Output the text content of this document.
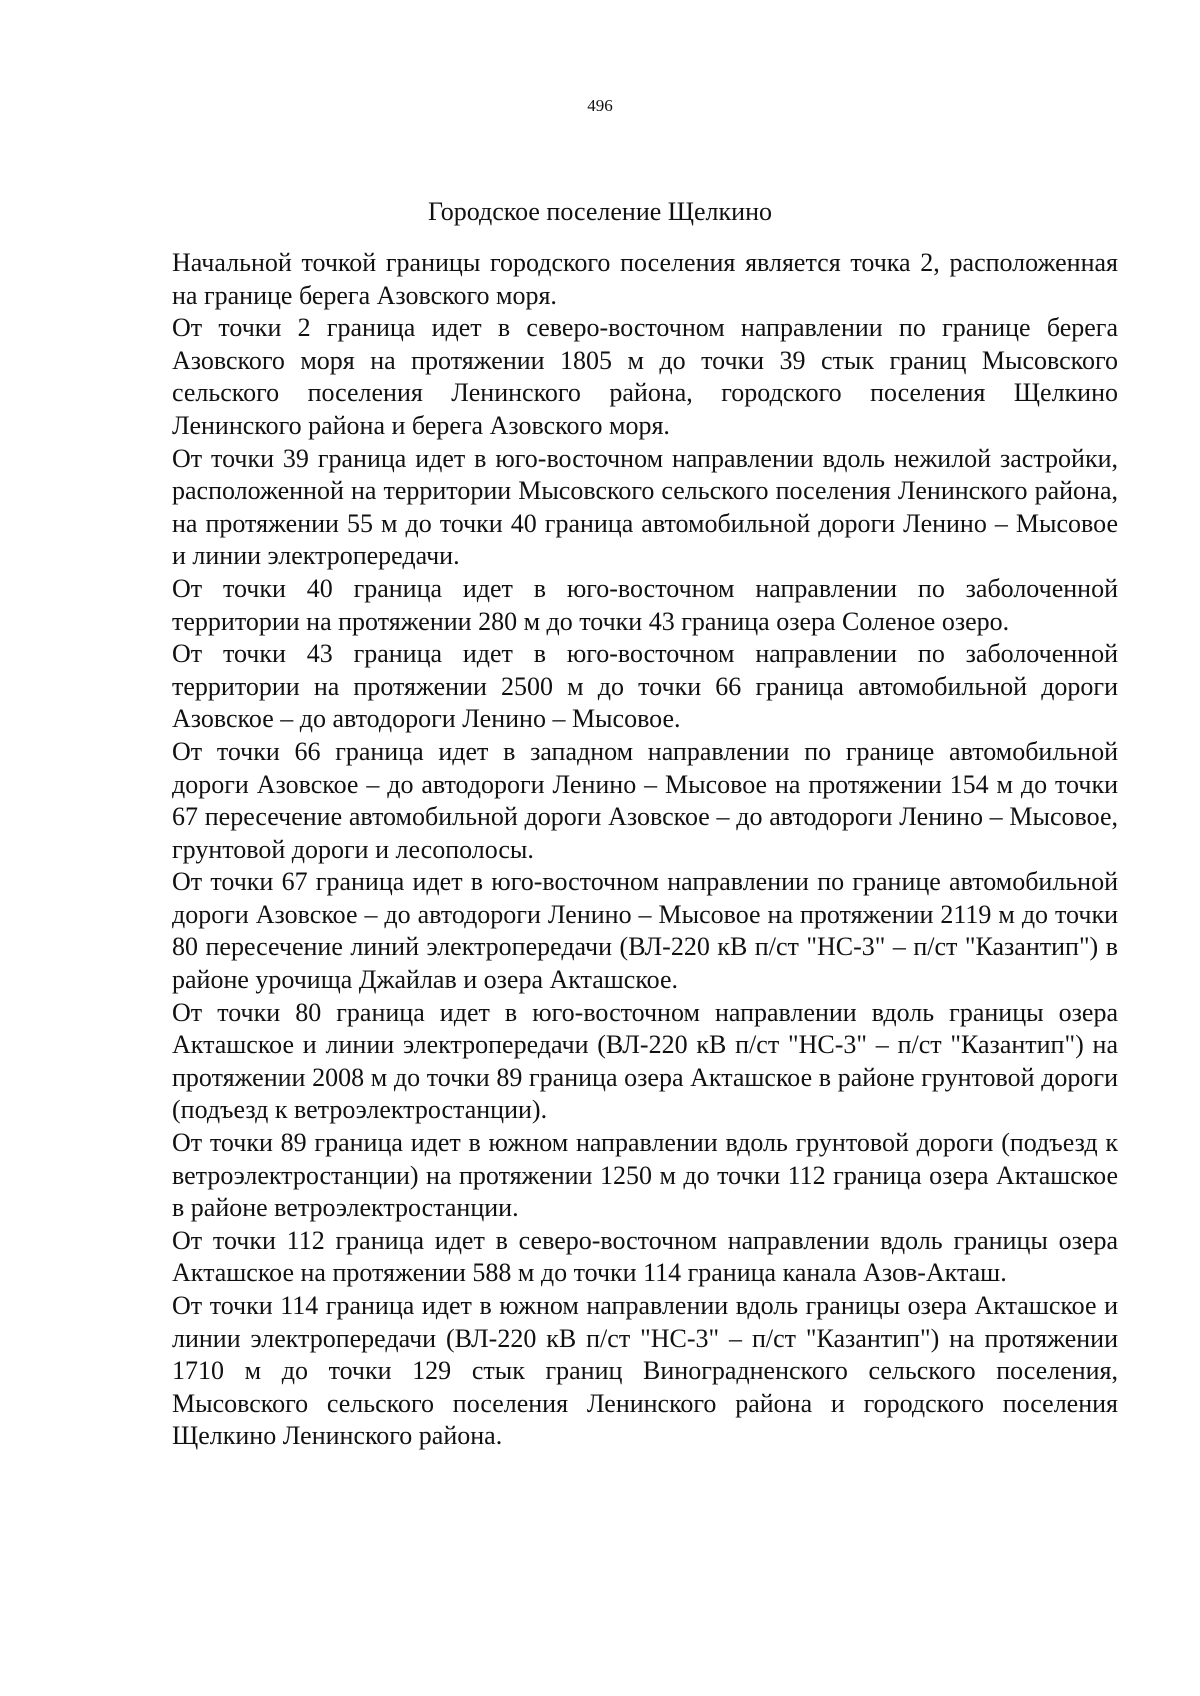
496
Городское поселение Щелкино

Начальной точкой границы городского поселения является точка 2, расположенная на границе берега Азовского моря.

От точки 2 граница идет в северо-восточном направлении по границе берега Азовского моря на протяжении 1805 м до точки 39 стык границ Мысовского сельского поселения Ленинского района, городского поселения Щелкино Ленинского района и берега Азовского моря.

От точки 39 граница идет в юго-восточном направлении вдоль нежилой застройки, расположенной на территории Мысовского сельского поселения Ленинского района, на протяжении 55 м до точки 40 граница автомобильной дороги Ленино – Мысовое и линии электропередачи.

От точки 40 граница идет в юго-восточном направлении по заболоченной территории на протяжении 280 м до точки 43 граница озера Соленое озеро.

От точки 43 граница идет в юго-восточном направлении по заболоченной территории на протяжении 2500 м до точки 66 граница автомобильной дороги Азовское – до автодороги Ленино – Мысовое.

От точки 66 граница идет в западном направлении по границе автомобильной дороги Азовское – до автодороги Ленино – Мысовое на протяжении 154 м до точки 67 пересечение автомобильной дороги Азовское – до автодороги Ленино – Мысовое, грунтовой дороги и лесополосы.

От точки 67 граница идет в юго-восточном направлении по границе автомобильной дороги Азовское – до автодороги Ленино – Мысовое на протяжении 2119 м до точки 80 пересечение линий электропередачи (ВЛ-220 кВ п/ст "НС-3" – п/ст "Казантип") в районе урочища Джайлав и озера Акташское.

От точки 80 граница идет в юго-восточном направлении вдоль границы озера Акташское и линии электропередачи (ВЛ-220 кВ п/ст "НС-3" – п/ст "Казантип") на протяжении 2008 м до точки 89 граница озера Акташское в районе грунтовой дороги (подъезд к ветроэлектростанции).

От точки 89 граница идет в южном направлении вдоль грунтовой дороги (подъезд к ветроэлектростанции) на протяжении 1250 м до точки 112 граница озера Акташское в районе ветроэлектростанции.

От точки 112 граница идет в северо-восточном направлении вдоль границы озера Акташское на протяжении 588 м до точки 114 граница канала Азов-Акташ.

От точки 114 граница идет в южном направлении вдоль границы озера Акташское и линии электропередачи (ВЛ-220 кВ п/ст "НС-3" – п/ст "Казантип") на протяжении 1710 м до точки 129 стык границ Виноградненского сельского поселения, Мысовского сельского поселения Ленинского района и городского поселения Щелкино Ленинского района.
